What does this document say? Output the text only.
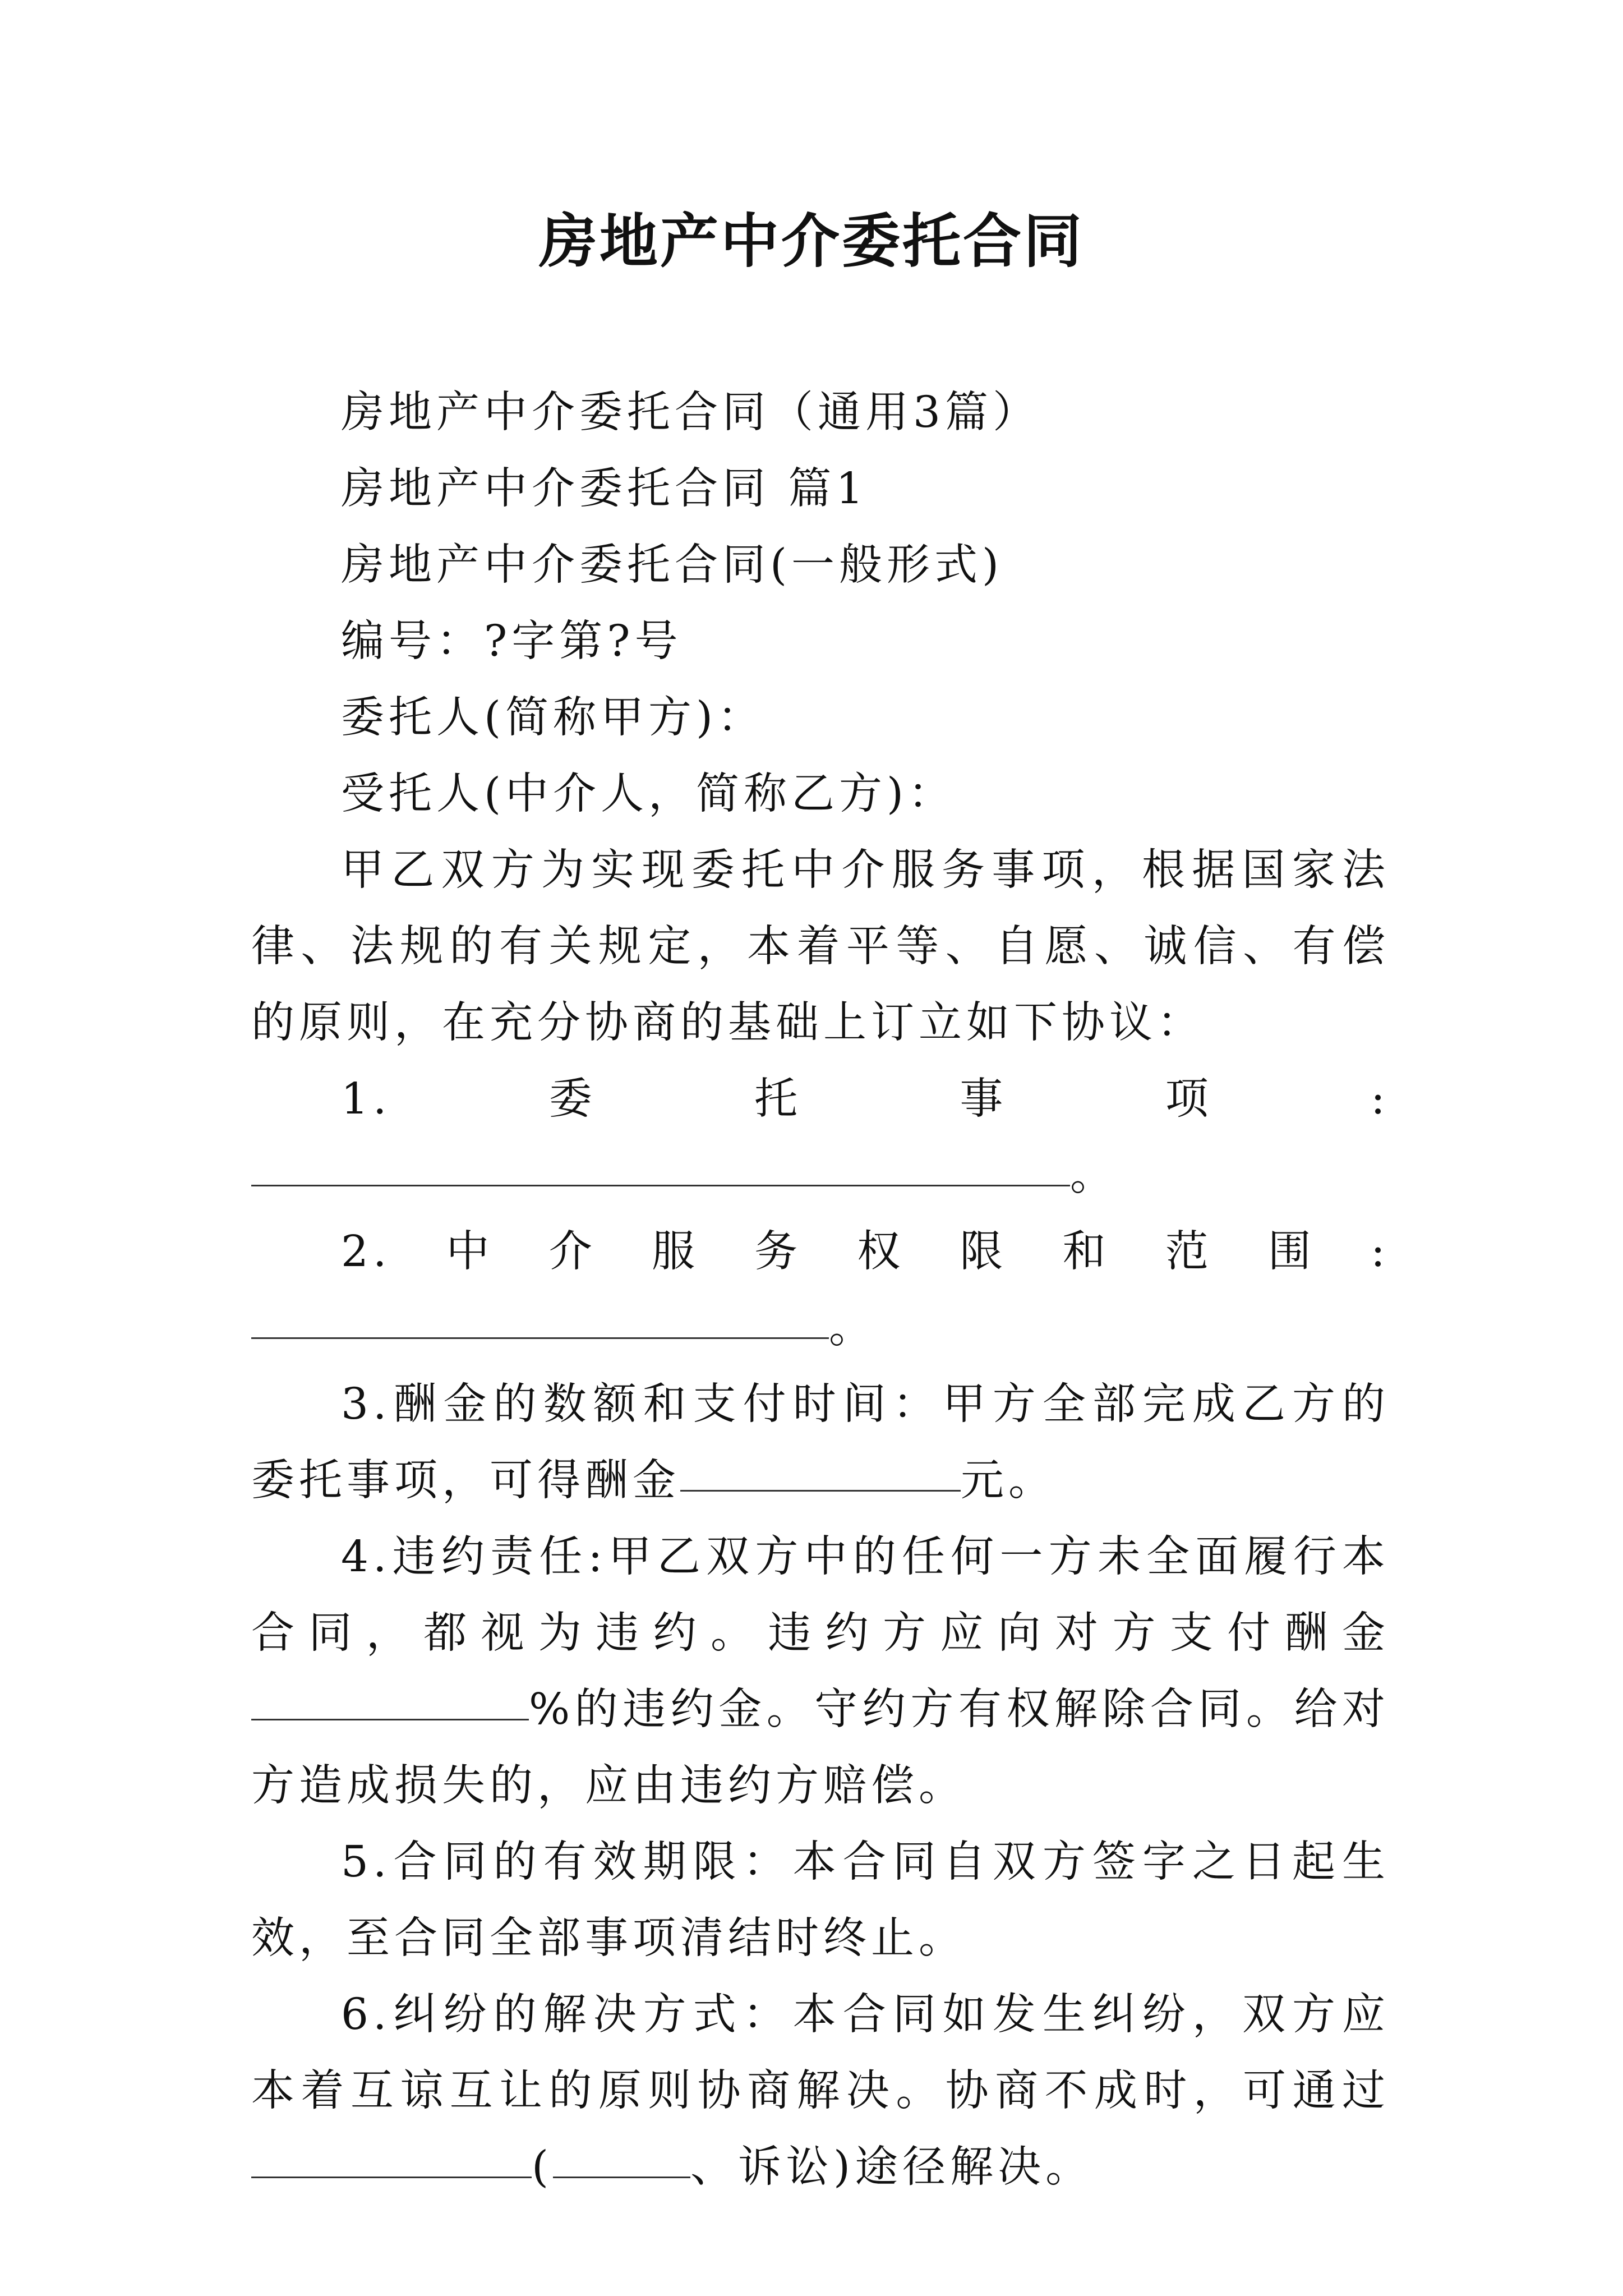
房地产中介委托合同

房地产中介委托合同（通用3篇）

房地产中介委托合同 篇1

房地产中介委托合同(一般形式)

编号：?字第?号

委托人(简称甲方)：

受托人(中介人，简称乙方)：

甲乙双方为实现委托中介服务事项，根据国家法律、法规的有关规定，本着平等、自愿、诚信、有偿的原则，在充分协商的基础上订立如下协议：

1.委托事项:。

2.中介服务权限和范围:。

3.酬金的数额和支付时间：甲方全部完成乙方的委托事项，可得酬金	元。

4.违约责任:甲乙双方中的任何一方未全面履行本合同，都视为违约。违约方应向对方支付酬金%的违约金。守约方有权解除合同。给对方造成损失的，应由违约方赔偿。

5.合同的有效期限：本合同自双方签字之日起生效，至合同全部事项清结时终止。

6.纠纷的解决方式：本合同如发生纠纷，双方应本着互谅互让的原则协商解决。协商不成时，可通过(	、诉讼)途径解决。
